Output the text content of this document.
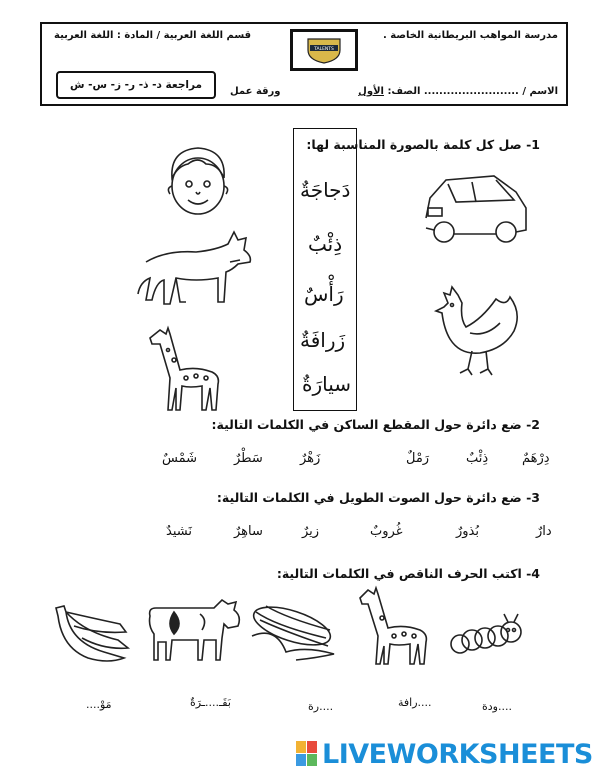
مدرسة المواهب البريطانية الخاصة .
قسم اللغة العربية / المادة : اللغة العربية
TALENTS
الاسم / ......................... الصف: الأول
ورقة عمل
مراجعة د- ذ- ر- ز- س- ش
1- صل كل كلمة بالصورة المناسبة لها:
دَجاجَةٌ
ذِئْبٌ
رَأْسٌ
زَرافَةٌ
سيارَةٌ
2- ضع دائرة حول المقطع الساكن في الكلمات التالية:
دِرْهَمٌ
ذِئْبٌ
رَمْلٌ
زَهْرٌ
سَطْرٌ
شَمْسٌ
3- ضع دائرة حول الصوت الطويل في الكلمات التالية:
دارٌ
بُذورٌ
غُروبٌ
زيرٌ
ساهِرٌ
نَشيدٌ
4- اكتب الحرف الناقص في الكلمات التالية:
....ودة
....رافة
....رة
بَقَـ....ـرَةٌ
مَوْ....
LIVEWORKSHEETS
